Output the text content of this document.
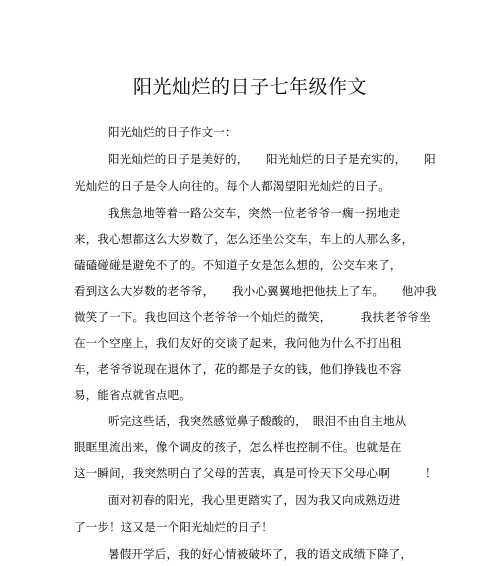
阳光灿烂的日子七年级作文
阳光灿烂的日子作文一：
阳光灿烂的日子是美好的，　　阳光灿烂的日子是充实的，　　阳
光灿烂的日子是令人向往的。每个人都渴望阳光灿烂的日子。
我焦急地等着一路公交车，突然一位老爷爷一瘸一拐地走
来，我心想都这么大岁数了，怎么还坐公交车，车上的人那么多，
磕磕碰碰是避免不了的。不知道子女是怎么想的，公交车来了，
看到这么大岁数的老爷爷，　　我小心翼翼地把他扶上了车。　　他冲我
微笑了一下。我也回这个老爷爷一个灿烂的微笑，　　　我扶老爷爷坐
在一个空座上，我们友好的交谈了起来，我问他为什么不打出租
车，老爷爷说现在退休了，花的都是子女的钱，他们挣钱也不容
易，能省点就省点吧。
听完这些话，我突然感觉鼻子酸酸的，　眼泪不由自主地从
眼眶里流出来，像个调皮的孩子，怎么样也控制不住。也就是在
这一瞬间，我突然明白了父母的苦衷，真是可怜天下父母心啊　　　！
面对初春的阳光，我心里更踏实了，因为我又向成熟迈进
了一步！这又是一个阳光灿烂的日子！
暑假开学后，我的好心情被破坏了，我的语文成绩下降了，
